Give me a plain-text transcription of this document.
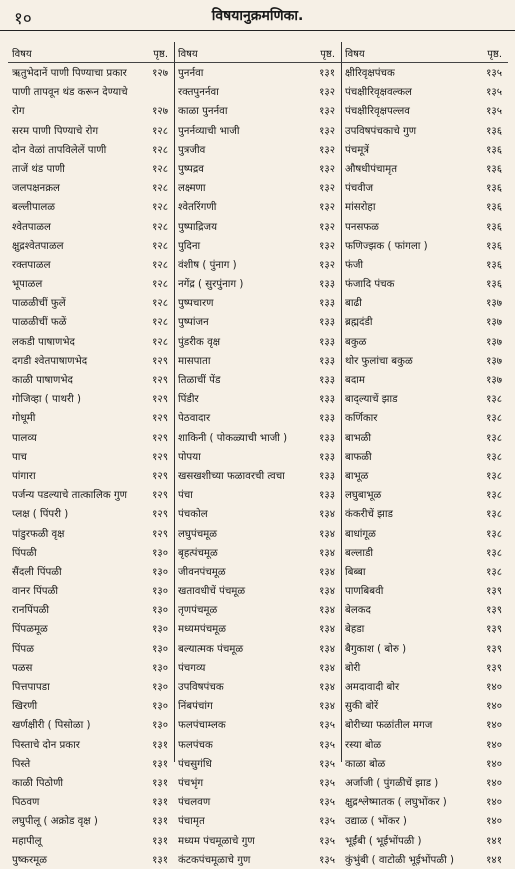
१०	विषयानुक्रमणिका.
विषय	पृष्ठ.
ऋतुभेदानें पाणी पिण्याचा प्रकार १२७
पाणी तापवून थंड करून देण्याचे
रोग	१२७
सरम पाणी पिण्याचे रोग	१२८
दोन वेळां तापविलेलें पाणी	१२८
ताजें थंड पाणी	१२८
जलपक्षनक्रल	१२८
बल्लीपालळ	१२८
श्वेतपाळल	१२८
क्षुद्रश्वेतपाळल	१२८
रक्तपाळल	१२८
भूपाळल	१२८
पाळळीचीं फुलें	१२८
पाळळीचीं फळें	१२८
लकडी पाषाणभेद	१२८
दगडी श्वेतपाषाणभेद	१२९
काळी पाषाणभेद	१२९
गोजिव्हा ( पाथरी )	१२९
गोधूमी	१२९
पालव्य	१२९
पाच	१२९
पांगारा	१२९
पर्जन्य पडल्याचे तात्कालिक गुण १२९
प्लक्ष ( पिंपरी )	१२९
पांडुरफळी वृक्ष	१२९
पिंपळी	१३०
सैंदली पिंपळी	१३०
वानर पिंपळी	१३०
रानपिंपळी	१३०
पिंपळमूळ	१३०
पिंपळ	१३०
पळस	१३०
पित्तपापडा	१३०
खिरणी	१३०
खर्णक्षीरी ( पिसोळा )	१३०
पिस्ताचे दोन प्रकार	१३१
पिस्ते	१३१
काळी पिठोणी	१३१
पिठवण	१३१
लघुपीलू ( अक्रोड वृक्ष )	१३१
महापीलू	१३१
पुष्करमूळ	१३१
विषय	पृष्ठ.
पुनर्नवा	१३१
रक्तपुनर्नवा	१३२
काळा पुनर्नवा	१३२
पुनर्नव्याची भाजी	१३२
पुत्रजीव	१३२
पुष्पद्रव	१३२
लक्ष्मणा	१३२
श्वेतरिंगणी	१३२
पुष्पाद्रिजय	१३२
पुदिना	१३२
वंशीष ( पुंनाग )	१३२
नगेंद्र ( सुरपुंनाग )	१३३
पुष्पचारण	१३३
पुष्पांजन	१३३
पुंडरीक वृक्ष	१३३
मासपाता	१३३
तिळाचीं पेंड	१३३
पिंडीर	१३३
पेठवादार	१३३
शाकिनी ( पोकळ्याची भाजी )	१३३
पोपया	१३३
खसखशीच्या फळावरची त्वचा	१३३
पंचा	१३३
पंचकोल	१३४
लघुपंचमूळ	१३४
बृहत्पंचमूळ	१३४
जीवनपंचमूळ	१३४
खतावधीचें पंचमूळ	१३४
तृणपंचमूळ	१३४
मध्यमपंचमूळ	१३४
बल्यात्मक पंचमूळ	१३४
पंचगव्य	१३४
उपविषपंचक	१३४
निंबपंचांग	१३४
फलपंचाम्लक	१३५
फलपंचक	१३५
पंचसुगंधि	१३५
पंचभृंग	१३५
पंचलवण	१३५
पंचामृत	१३५
मध्यम पंचमूळाचे गुण	१३५
कंटकपंचमूळाचे गुण	१३५
विषय	पृष्ठ.
क्षीरिवृक्षपंचक	१३५
पंचक्षीरिवृक्षवल्कल	१३५
पंचक्षीरिवृक्षपल्लव	१३५
उपविषपंचकाचे गुण	१३६
पंचमूत्रें	१३६
औषधीपंचामृत	१३६
पंचवीज	१३६
मांसरोहा	१३६
पनसफळ	१३६
फणिज्झक ( फांगला )	१३६
फंजी	१३६
फंजादि पंचक	१३६
बाढी	१३७
ब्रह्मदंडी	१३७
बकुळ	१३७
थोर फुलांचा बकुळ	१३७
बदाम	१३७
बाद्ल्याचें झाड	१३८
कर्णिकार	१३८
बाभळी	१३८
बाफळी	१३८
बाभूळ	१३८
लघुबाभूळ	१३८
कंकरीचें झाड	१३८
बाधांगूळ	१३८
बल्लाडी	१३८
बिब्बा	१३८
पाणबिबवी	१३९
बेलकद	१३९
बेहडा	१३९
बैगुकाश ( बोरु )	१३९
बोरी	१३९
अमदावादी बोर	१४०
सुकी बोरें	१४०
बोरीच्या फळांतील मगज	१४०
रस्या बोळ	१४०
काळा बोळ	१४०
अर्जाजी ( पुंगळीचें झाड )	१४०
क्षुद्रश्लेष्मातक ( लघुभोंकर )	१४०
उद्याळ ( भोंकर )	१४०
भूईंबी ( भूईभोंपळी )	१४१
कुंभुंबी ( वाटोळी भूईभोंपळी )	१४१
